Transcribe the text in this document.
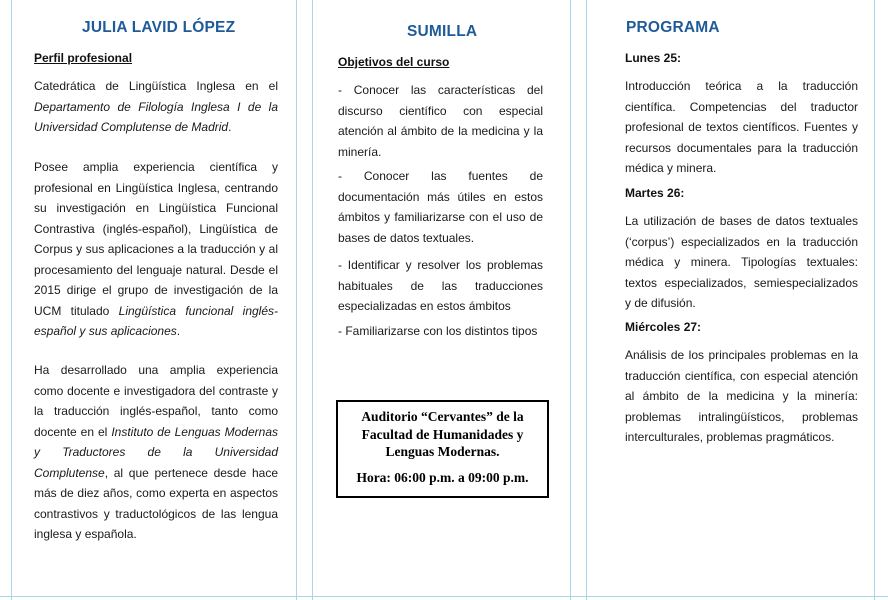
JULIA LAVID LÓPEZ
Perfil profesional

Catedrática de Lingüística Inglesa en el Departamento de Filología Inglesa I de la Universidad Complutense de Madrid.

Posee amplia experiencia científica y profesional en Lingüística Inglesa, centrando su investigación en Lingüística Funcional Contrastiva (inglés-español), Lingüística de Corpus y sus aplicaciones a la traducción y al procesamiento del lenguaje natural. Desde el 2015 dirige el grupo de investigación de la UCM titulado Lingüística funcional inglés-español y sus aplicaciones.

Ha desarrollado una amplia experiencia como docente e investigadora del contraste y la traducción inglés-español, tanto como docente en el Instituto de Lenguas Modernas y Traductores de la Universidad Complutense, al que pertenece desde hace más de diez años, como experta en aspectos contrastivos y traductológicos de las lengua inglesa y española.

SUMILLA
Objetivos del curso

- Conocer las características del discurso científico con especial atención al ámbito de la medicina y la minería.

- Conocer las fuentes de documentación más útiles en estos ámbitos y familiarizarse con el uso de bases de datos textuales.

- Identificar y resolver los problemas habituales de las traducciones especializadas en estos ámbitos

- Familiarizarse con los distintos tipos

Auditorio “Cervantes” de la Facultad de Humanidades y Lenguas Modernas.
Hora: 06:00 p.m. a 09:00 p.m.
PROGRAMA
Lunes 25:

Introducción teórica a la traducción científica. Competencias del traductor profesional de textos científicos. Fuentes y recursos documentales para la traducción médica y minera.

Martes 26:

La utilización de bases de datos textuales (‘corpus’) especializados en la traducción médica y minera. Tipologías textuales: textos especializados, semiespecializados y de difusión.

Miércoles 27:

Análisis de los principales problemas en la traducción científica, con especial atención al ámbito de la medicina y la minería: problemas intralingüísticos, problemas interculturales, problemas pragmáticos.
